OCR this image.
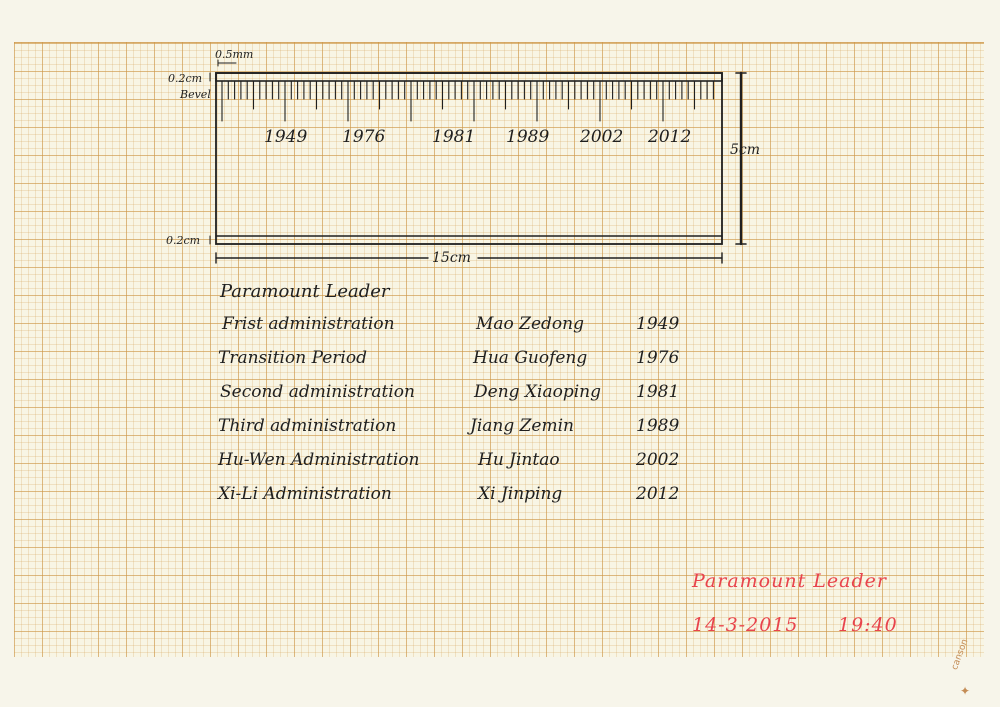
0.5mm

0.2cm

Bevel

0.2cm

5cm

15cm

1949 1976	1981 1989 2002 2012

Paramount Leader

Frist administration	Mao Zedong	1949

Transition Period	Hua Guofeng	1976

Second administration	Deng Xiaoping 1981

Third administration	Jiang Zemin	1989

Hu-Wen Administration	Hu Jintao	2002

Xi-Li Administration	Xi Jinping	2012

Paramount Leader

14-3-2015 19:40

canson
✦
